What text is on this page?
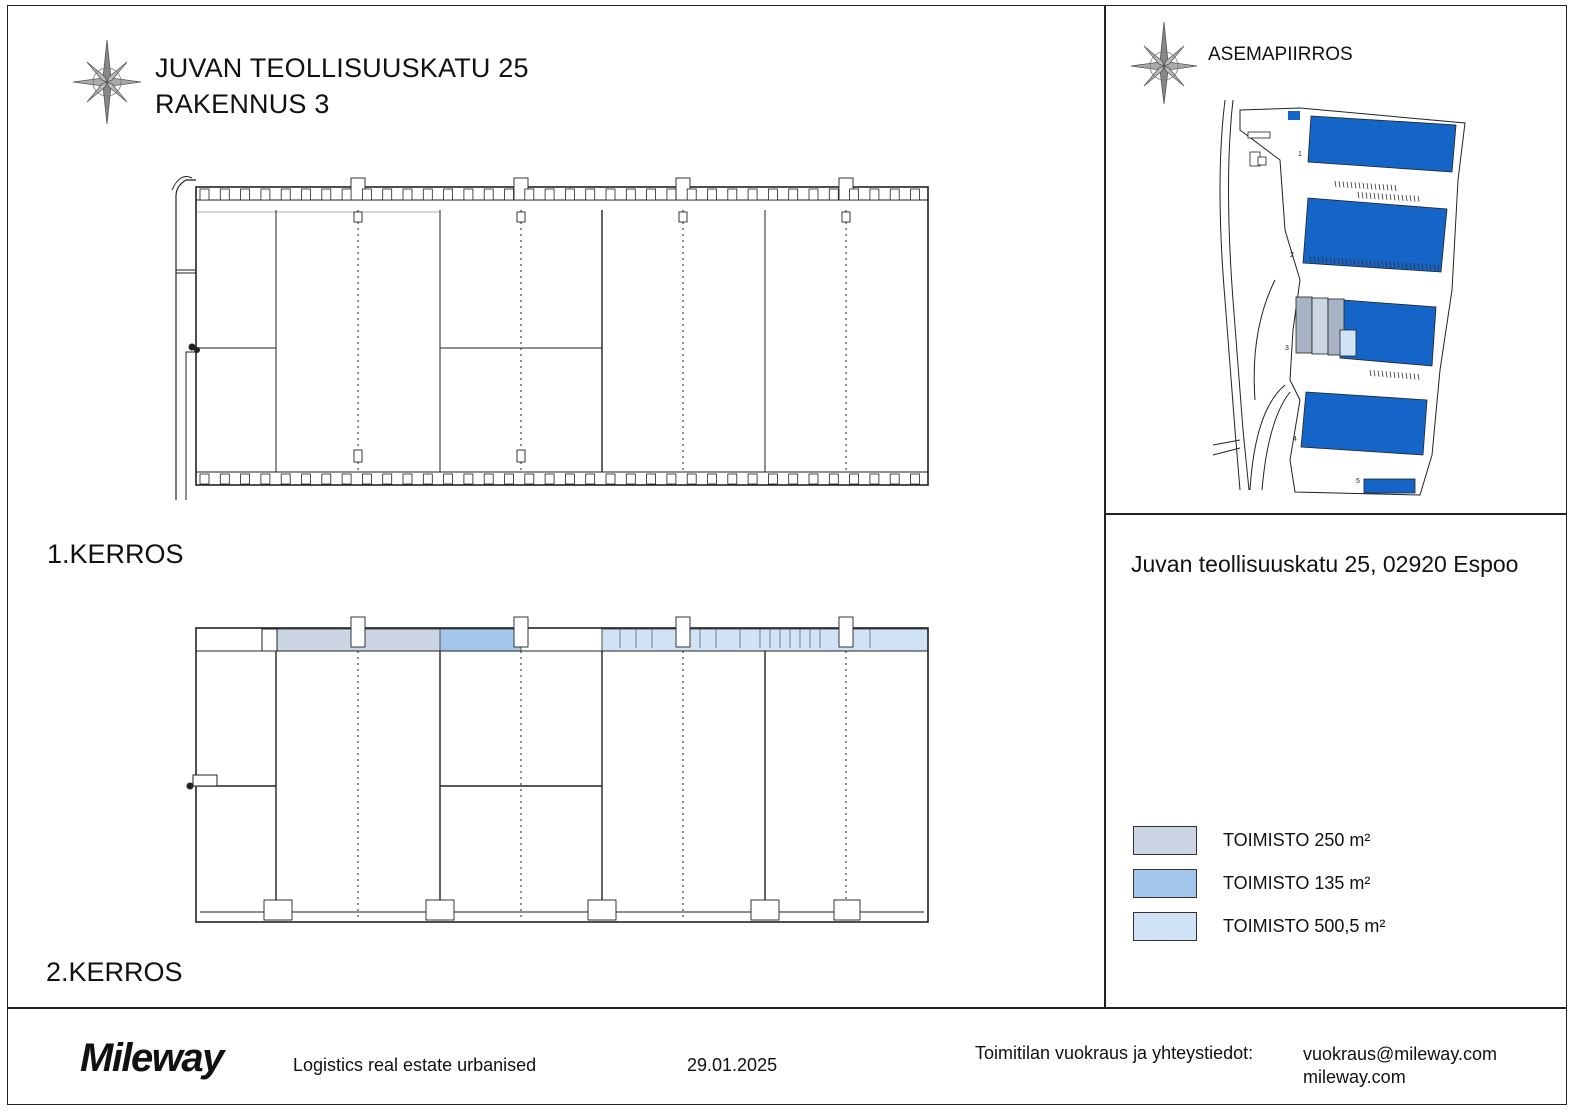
JUVAN TEOLLISUUSKATU 25
RAKENNUS 3
1.KERROS
2.KERROS
ASEMAPIIRROS
1
2
3
4
5
Juvan teollisuuskatu 25, 02920 Espoo
TOIMISTO 250 m²
TOIMISTO 135 m²
TOIMISTO 500,5 m²
Mileway	Logistics real estate urbanised	29.01.2025
Toimitilan vuokraus ja yhteystiedot:	vuokraus@mileway.com
mileway.com
